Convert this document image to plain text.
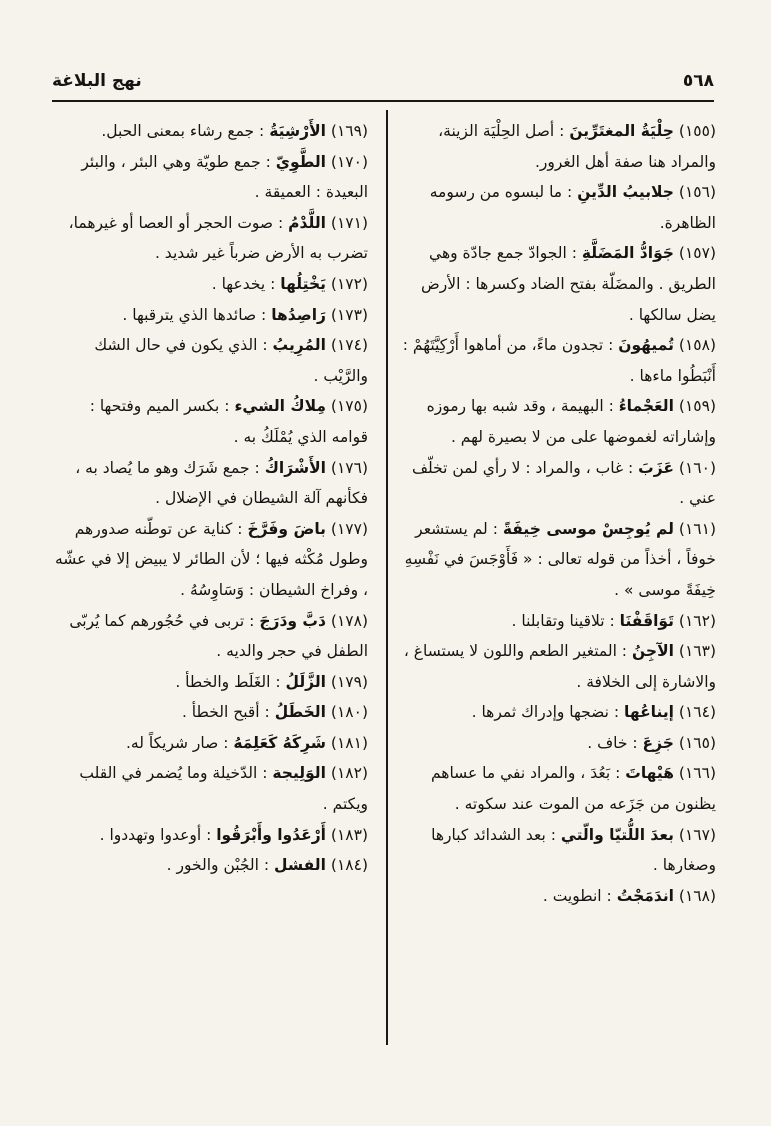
٥٦٨
نهج البلاغة

(١٥٥) حِلْيَةُ المغتَرِّينَ : أصل الحِلْيَة الزينة، والمراد هنا صفة أهل الغرور.

(١٥٦) جلابيبُ الدِّينِ : ما لبسوه من رسومه الظاهرة.

(١٥٧) جَوَادُّ المَضَلَّةِ : الجوادّ جمع جادّة وهي الطريق . والمضَلّة بفتح الضاد وكسرها : الأرض يضل سالكها .

(١٥٨) تُميهُونَ : تجدون ماءً، من أماهوا أَرْكِيَّتَهُمْ : أَنْبَطُوا ماءها .

(١٥٩) العَجْماءُ : البهيمة ، وقد شبه بها رموزه وإشاراته لغموضها على من لا بصيرة لهم .

(١٦٠) عَزَبَ : غاب ، والمراد : لا رأي لمن تخلّف عني .

(١٦١) لم يُوجِسْ موسى خِيفَةً : لم يستشعر خوفاً ، أخذاً من قوله تعالى : « فَأَوْجَسَ في نَفْسِهِ خِيفَةً موسى » .

(١٦٢) تَوَاقَفْنَا : تلاقينا وتقابلنا .

(١٦٣) الآجِنُ : المتغير الطعم واللون لا يستساغ ، والاشارة إلى الخلافة .

(١٦٤) إيناعُها : نضجها وإدراك ثمرها .

(١٦٥) جَزِعَ : خاف .

(١٦٦) هَيْهاتَ : بَعُدَ ، والمراد نفي ما عساهم يظنون من جَزَعه من الموت عند سكوته .

(١٦٧) بعدَ اللُّتيّا والّتي : بعد الشدائد كبارها وصغارها .

(١٦٨) اندَمَجْتُ : انطويت .

(١٦٩) الأَرْشِيَةُ : جمع رشاء بمعنى الحبل.

(١٧٠) الطَّوِيّ : جمع طويّة وهي البئر ، والبئر البعيدة : العميقة .

(١٧١) اللَّدْمُ : صوت الحجر أو العصا أو غيرهما، تضرب به الأرض ضرباً غير شديد .

(١٧٢) يَخْتِلُها : يخدعها .

(١٧٣) رَاصِدُها : صائدها الذي يترقبها .

(١٧٤) المُرِيبُ : الذي يكون في حال الشك والرَّيْب .

(١٧٥) مِلاكُ الشيء : بكسر الميم وفتحها : قوامه الذي يُمْلَكُ به .

(١٧٦) الأَشْرَاكُ : جمع شَرَك وهو ما يُصاد به ، فكأنهم آلة الشيطان في الإضلال .

(١٧٧) باضَ وفَرَّخَ : كناية عن توطّنه صدورهم وطول مُكْثه فيها ؛ لأن الطائر لا يبيض إلا في عشّه ، وفراخ الشيطان : وَسَاوِسُهُ .

(١٧٨) دَبَّ ودَرَجَ : تربى في حُجُورهم كما يُربّى الطفل في حجر والديه .

(١٧٩) الزَّلَلُ : الغَلَط والخطأ .

(١٨٠) الخَطَلُ : أقبح الخطأ .

(١٨١) شَرِكَهُ كَعَلِمَهُ : صار شريكاً له.

(١٨٢) الوَلِيجة : الدّخيلة وما يُضمر في القلب ويكتم .

(١٨٣) أَرْعَدُوا وأَبْرَقُوا : أوعدوا وتهددوا .

(١٨٤) الفشل : الجُبْن والخور .
